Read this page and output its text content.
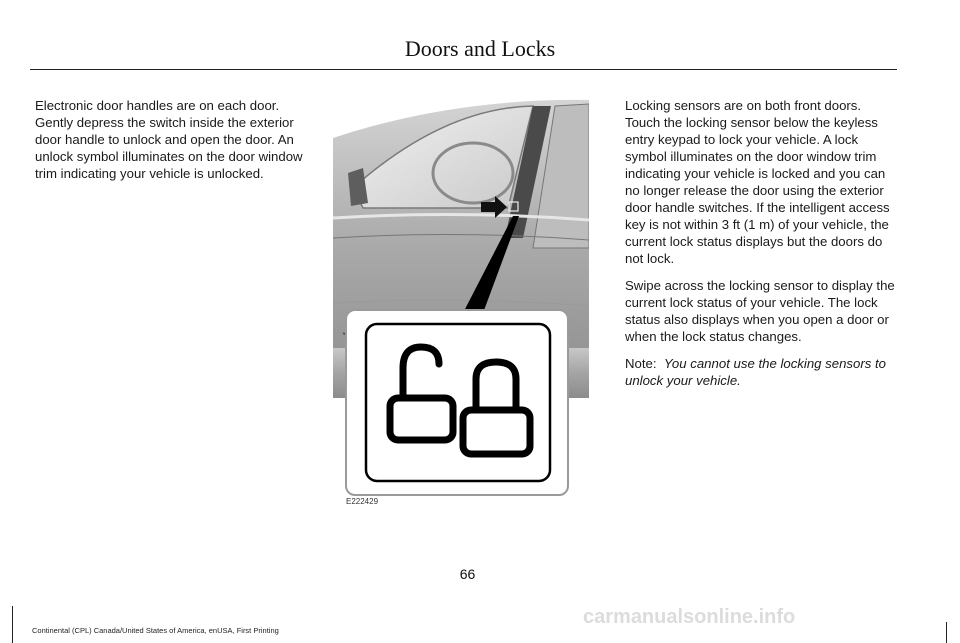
Doors and Locks

Electronic door handles are on each door. Gently depress the switch inside the exterior door handle to unlock and open the door. An unlock symbol illuminates on the door window trim indicating your vehicle is unlocked.

E222429

Locking sensors are on both front doors. Touch the locking sensor below the keyless entry keypad to lock your vehicle. A lock symbol illuminates on the door window trim indicating your vehicle is locked and you can no longer release the door using the exterior door handle switches. If the intelligent access key is not within 3 ft (1 m) of your vehicle, the current lock status displays but the doors do not lock.

Swipe across the locking sensor to display the current lock status of your vehicle. The lock status also displays when you open a door or when the lock status changes.

Note: You cannot use the locking sensors to unlock your vehicle.

66
Continental (CPL) Canada/United States of America, enUSA, First Printing
carmanualsonline.info
